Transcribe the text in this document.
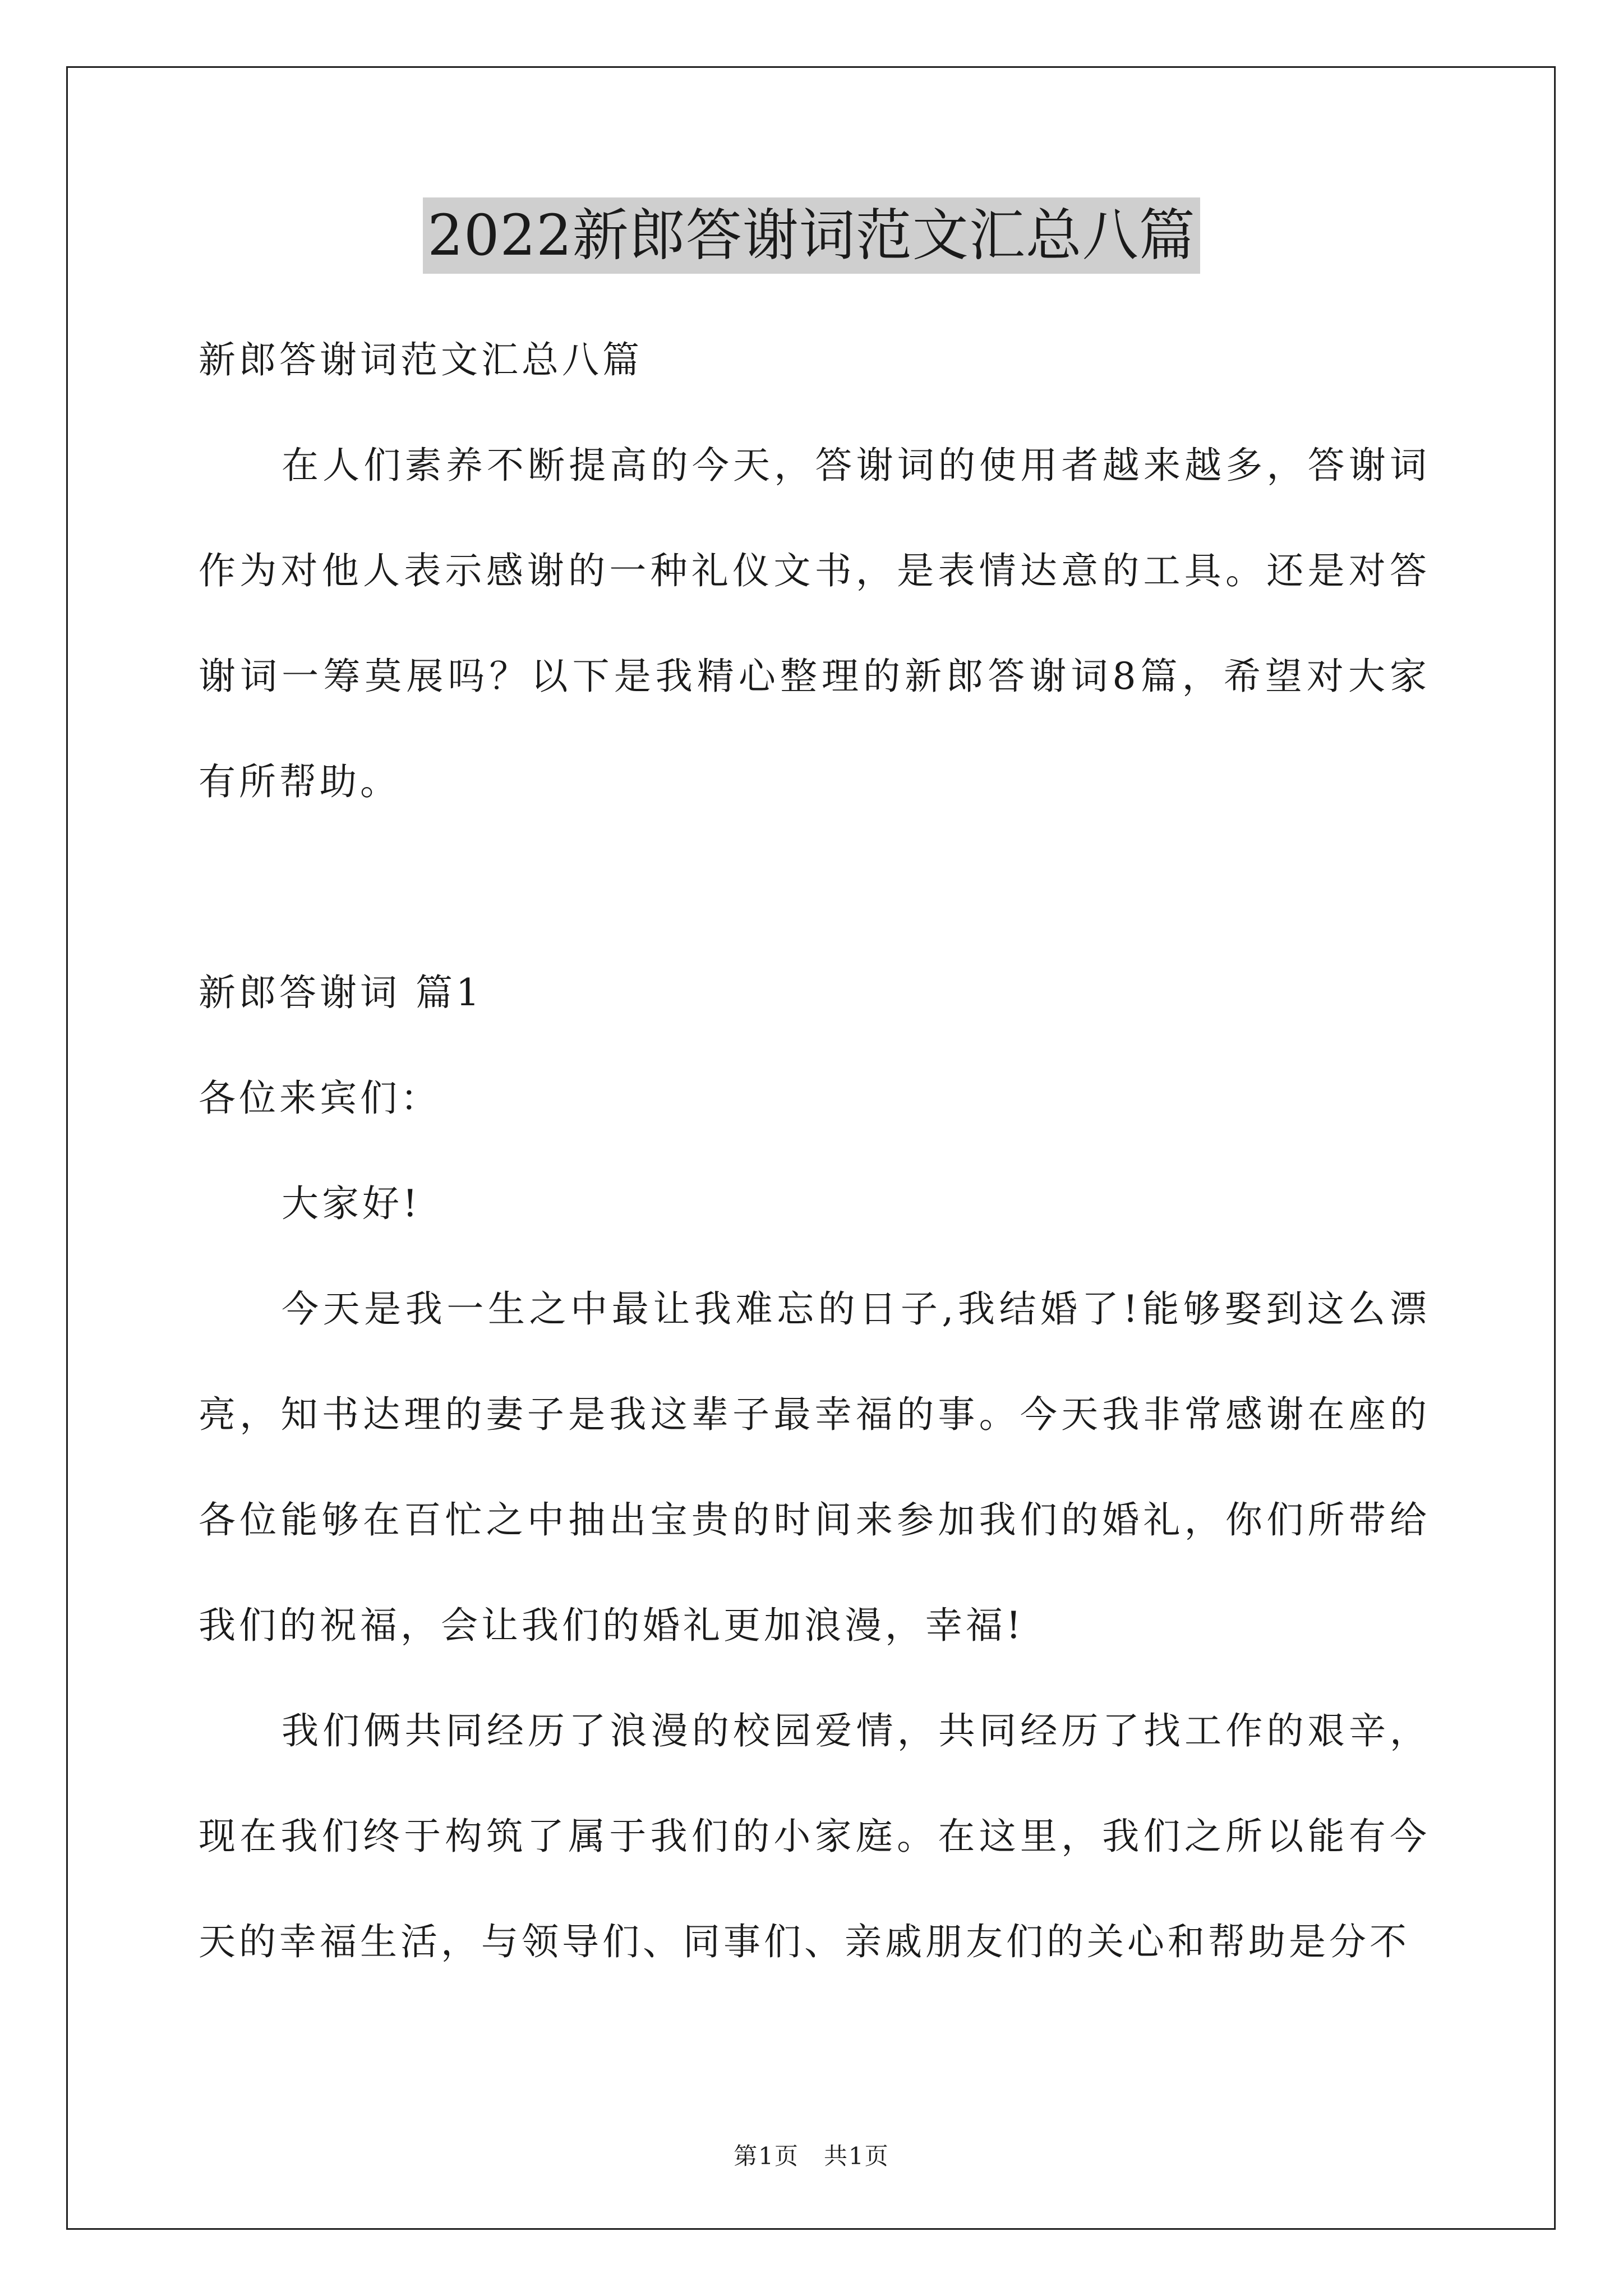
2022新郎答谢词范文汇总八篇

新郎答谢词范文汇总八篇

在人们素养不断提高的今天，答谢词的使用者越来越多，答谢词作为对他人表示感谢的一种礼仪文书，是表情达意的工具。还是对答谢词一筹莫展吗？以下是我精心整理的新郎答谢词8篇，希望对大家有所帮助。

新郎答谢词 篇1

各位来宾们：

大家好!

今天是我一生之中最让我难忘的日子,我结婚了!能够娶到这么漂亮，知书达理的妻子是我这辈子最幸福的事。今天我非常感谢在座的各位能够在百忙之中抽出宝贵的时间来参加我们的婚礼，你们所带给我们的祝福，会让我们的婚礼更加浪漫，幸福!

我们俩共同经历了浪漫的校园爱情，共同经历了找工作的艰辛，现在我们终于构筑了属于我们的小家庭。在这里，我们之所以能有今天的幸福生活，与领导们、同事们、亲戚朋友们的关心和帮助是分不

第1页　共1页
